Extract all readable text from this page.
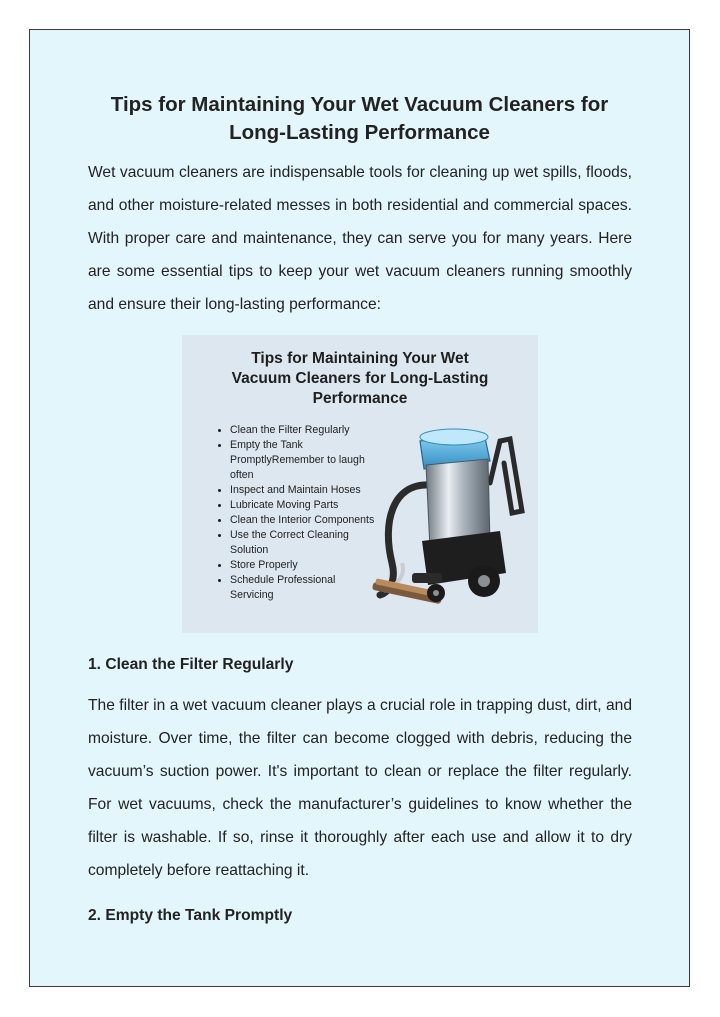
Tips for Maintaining Your Wet Vacuum Cleaners for
Long-Lasting Performance
Wet vacuum cleaners are indispensable tools for cleaning up wet spills, floods, and other moisture-related messes in both residential and commercial spaces. With proper care and maintenance, they can serve you for many years. Here are some essential tips to keep your wet vacuum cleaners running smoothly and ensure their long-lasting performance:
Tips for Maintaining Your Wet
Vacuum Cleaners for Long-Lasting
Performance
• Clean the Filter Regularly
• Empty the Tank PromptlyRemember to laugh often
• Inspect and Maintain Hoses
• Lubricate Moving Parts
• Clean the Interior Components
• Use the Correct Cleaning Solution
• Store Properly
• Schedule Professional Servicing
1. Clean the Filter Regularly
The filter in a wet vacuum cleaner plays a crucial role in trapping dust, dirt, and moisture. Over time, the filter can become clogged with debris, reducing the vacuum’s suction power. It's important to clean or replace the filter regularly. For wet vacuums, check the manufacturer’s guidelines to know whether the filter is washable. If so, rinse it thoroughly after each use and allow it to dry completely before reattaching it.
2. Empty the Tank Promptly
